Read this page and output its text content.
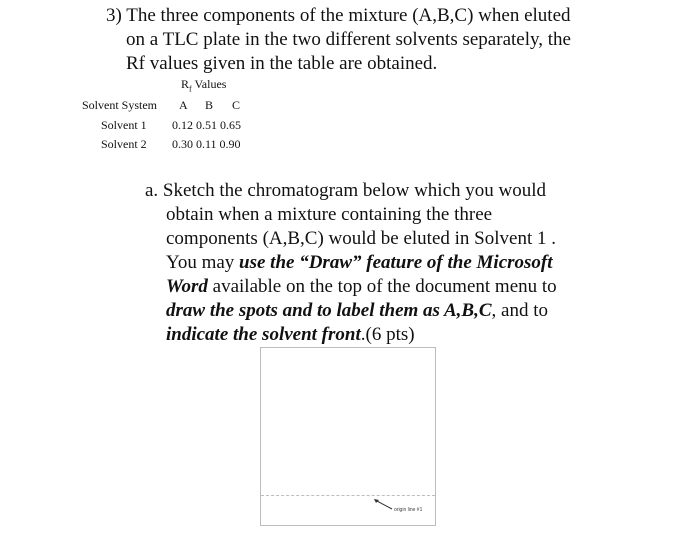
3) The three components of the mixture (A,B,C) when eluted
on a TLC plate in the two different solvents separately, the
Rf values given in the table are obtained.
$R_f$ Values
Solvent System A B C
Solvent 1 0.12 0.51 0.65
Solvent 2 0.30 0.11 0.90
a. Sketch the chromatogram below which you would
obtain when a mixture containing the three
components (A,B,C) would be eluted in Solvent 1 .
You may use the “Draw” feature of the Microsoft
Word available on the top of the document menu to
draw the spots and to label them as A,B,C, and to
indicate the solvent front.(6 pts)
origin line #1
